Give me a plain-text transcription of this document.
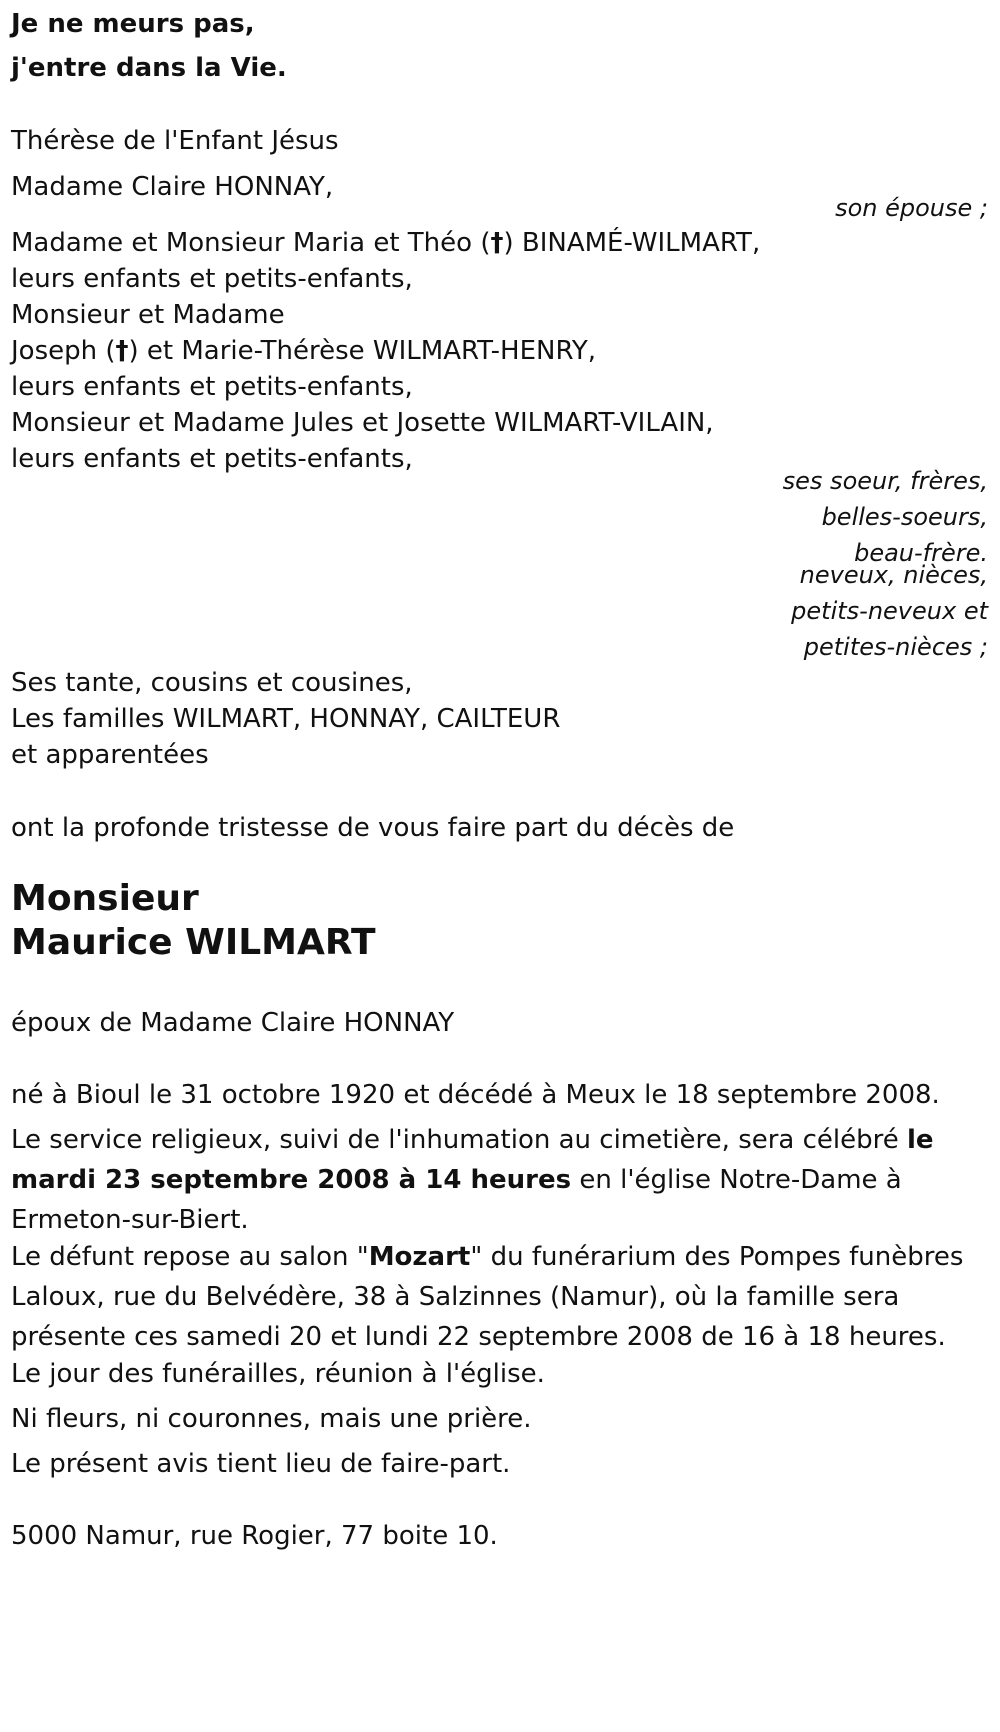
Je ne meurs pas,

j'entre dans la Vie.

Thérèse de l'Enfant Jésus

Madame Claire HONNAY,

son épouse ;

Madame et Monsieur Maria et Théo (†) BINAMÉ-WILMART,

leurs enfants et petits-enfants,

Monsieur et Madame

Joseph (†) et Marie-Thérèse WILMART-HENRY,

leurs enfants et petits-enfants,

Monsieur et Madame Jules et Josette WILMART-VILAIN,

leurs enfants et petits-enfants,

ses soeur, frères,

belles-soeurs,

beau-frère.

neveux, nièces,

petits-neveux et

petites-nièces ;

Ses tante, cousins et cousines,

Les familles WILMART, HONNAY, CAILTEUR

et apparentées

ont la profonde tristesse de vous faire part du décès de

Monsieur

Maurice WILMART

époux de Madame Claire HONNAY

né à Bioul le 31 octobre 1920 et décédé à Meux le 18 septembre 2008.

Le service religieux, suivi de l'inhumation au cimetière, sera célébré le mardi 23 septembre 2008 à 14 heures en l'église Notre-Dame à Ermeton-sur-Biert.

Le défunt repose au salon "Mozart" du funérarium des Pompes funèbres Laloux, rue du Belvédère, 38 à Salzinnes (Namur), où la famille sera présente ces samedi 20 et lundi 22 septembre 2008 de 16 à 18 heures.

Le jour des funérailles, réunion à l'église.

Ni fleurs, ni couronnes, mais une prière.

Le présent avis tient lieu de faire-part.

5000 Namur, rue Rogier, 77 boite 10.
